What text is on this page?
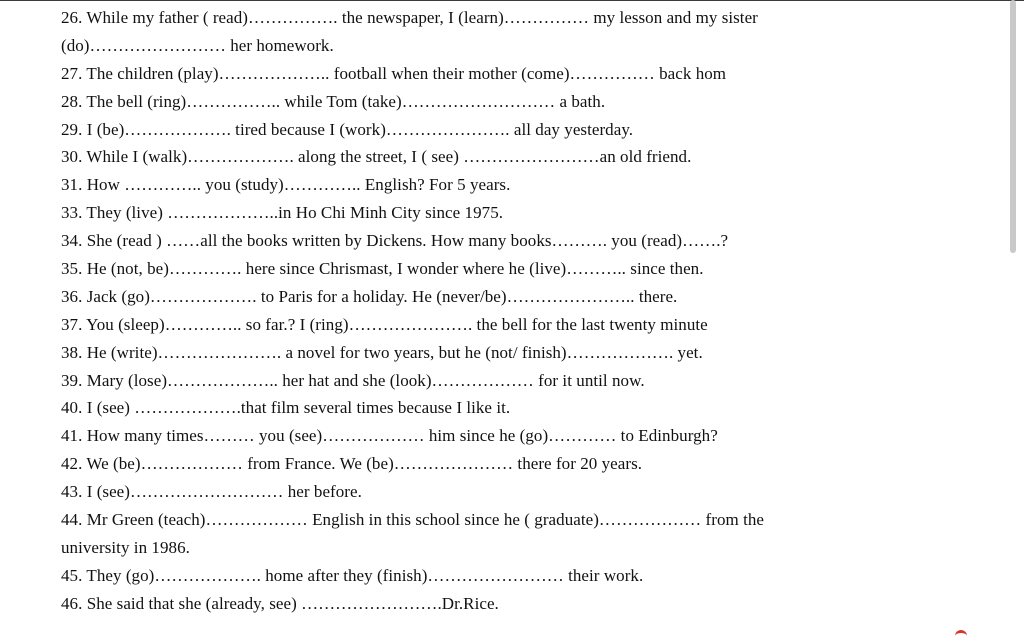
26. While my father ( read)……………. the newspaper, I (learn)…………… my lesson and my sister
(do)…………………… her homework.
27. The children (play)……………….. football when their mother (come)…………… back hom
28. The bell (ring)…………….. while Tom (take)……………………… a bath.
29. I (be)………………. tired because I (work)…………………. all day yesterday.
30. While I (walk)………………. along the street, I ( see) ……………………an old friend.
31. How ………….. you (study)………….. English? For 5 years.
33. They (live) ………………..in Ho Chi Minh City since 1975.
34. She (read ) ……all the books written by Dickens. How many books………. you (read)…….?
35. He (not, be)…………. here since Chrismast, I wonder where he (live)……….. since then.
36. Jack (go)………………. to Paris for a holiday. He (never/be)………………….. there.
37. You (sleep)………….. so far.? I (ring)…………………. the bell for the last twenty minute
38. He (write)…………………. a novel for two years, but he (not/ finish)………………. yet.
39. Mary (lose)……………….. her hat and she (look)……………… for it until now.
40. I (see) ……………….that film several times because I like it.
41. How many times……… you (see)……………… him since he (go)………… to Edinburgh?
42. We (be)……………… from France. We (be)………………… there for 20 years.
43. I (see)……………………… her before.
44. Mr Green (teach)……………… English in this school since he ( graduate)……………… from the
university in 1986.
45. They (go)………………. home after they (finish)…………………… their work.
46. She said that she (already, see) …………………….Dr.Rice.
